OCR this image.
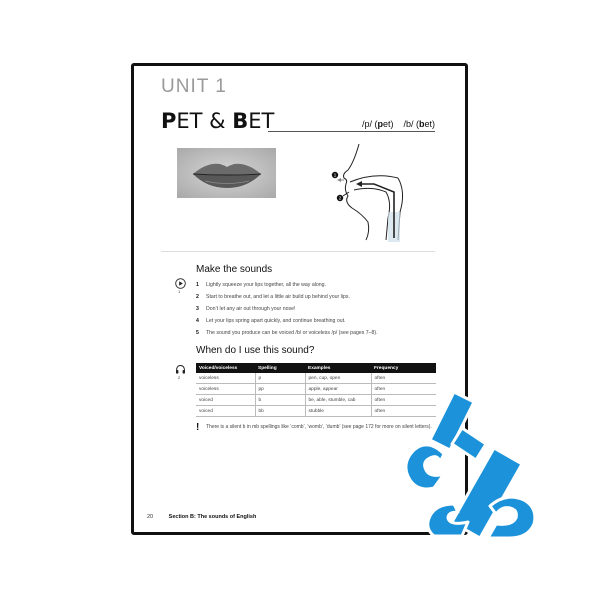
UNIT 1
PET & BET	/p/ (pet)    /b/ (bet)
1
2
Make the sounds
1
1 Lightly squeeze your lips together, all the way along.
2 Start to breathe out, and let a little air build up behind your lips.
3 Don’t let any air out through your nose!
4 Let your lips spring apart quickly, and continue breathing out.
5 The sound you produce can be voiced /b/ or voiceless /p/ (see pages 7–8).
When do I use this sound?
2
Voiced/voiceless	Spelling	Examples	Frequency
voiceless	p	pen, cup, open	often
voiceless	pp	apple, appear	often
voiced	b	be, able, stumble, cab	often
voiced	bb	stubble	often
! There is a silent b in mb spellings like ‘comb’, ‘womb’, ‘dumb’ (see page 172 for more on silent letters).
20	Section B: The sounds of English
